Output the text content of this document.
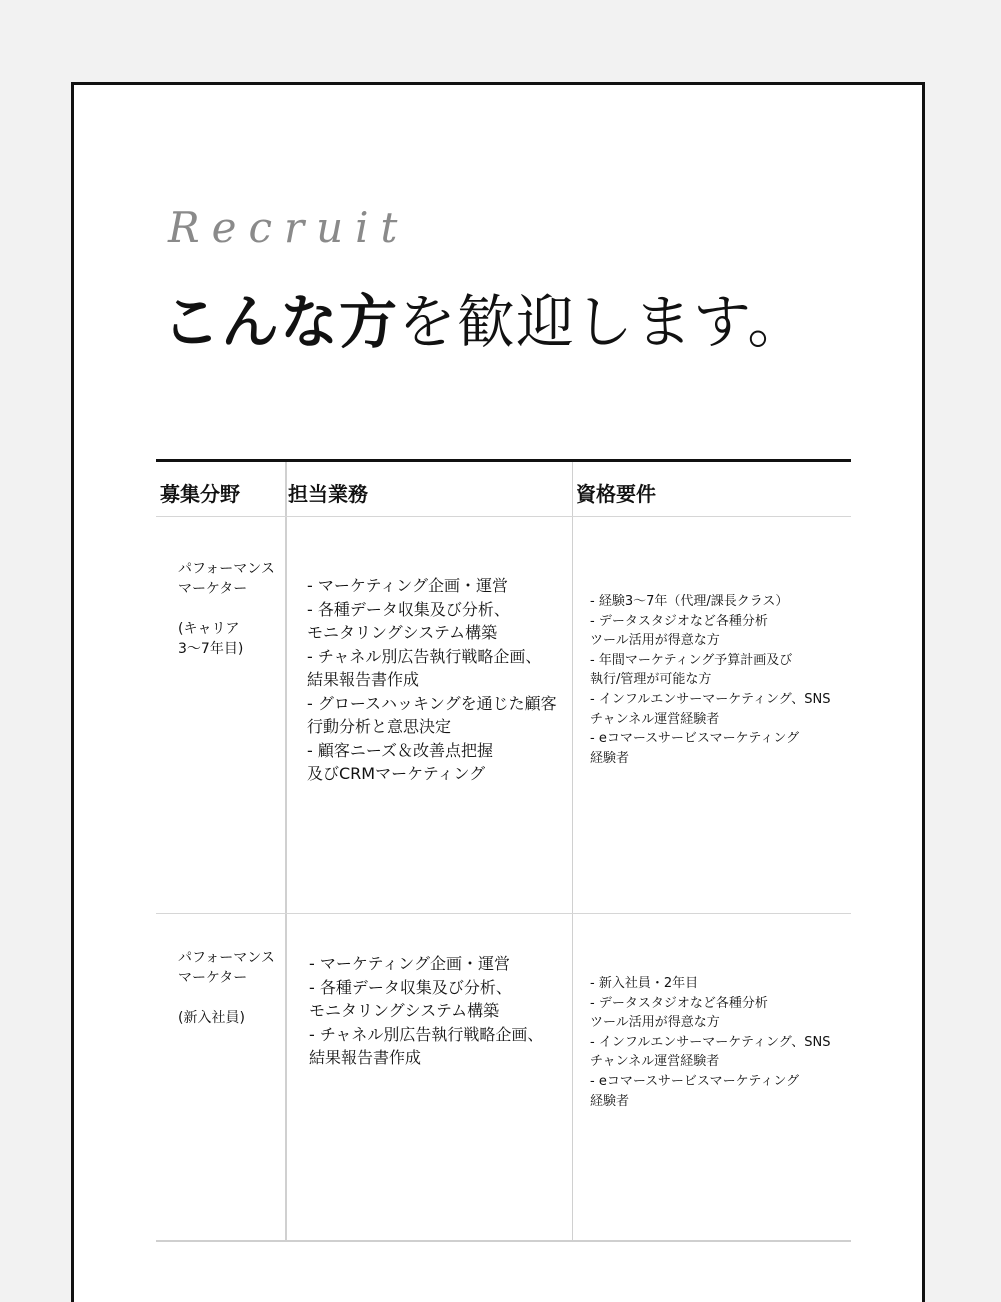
Recruit

こんな方を歓迎します。
募集分野 担当業務	資格要件
パフォーマンス
マーケター

(キャリア
3〜7年目)
- マーケティング企画・運営
- 各種データ収集及び分析、
モニタリングシステム構築
- チャネル別広告執行戦略企画、
結果報告書作成
- グロースハッキングを通じた顧客
行動分析と意思決定
- 顧客ニーズ＆改善点把握
及びCRMマーケティング
- 経験3〜7年（代理/課長クラス）
- データスタジオなど各種分析
ツール活用が得意な方
- 年間マーケティング予算計画及び
執行/管理が可能な方
- インフルエンサーマーケティング、SNS
チャンネル運営経験者
- eコマースサービスマーケティング
経験者
パフォーマンス
マーケター

(新入社員)
- マーケティング企画・運営
- 各種データ収集及び分析、
モニタリングシステム構築
- チャネル別広告執行戦略企画、
結果報告書作成
- 新入社員・2年目
- データスタジオなど各種分析
ツール活用が得意な方
- インフルエンサーマーケティング、SNS
チャンネル運営経験者
- eコマースサービスマーケティング
経験者
